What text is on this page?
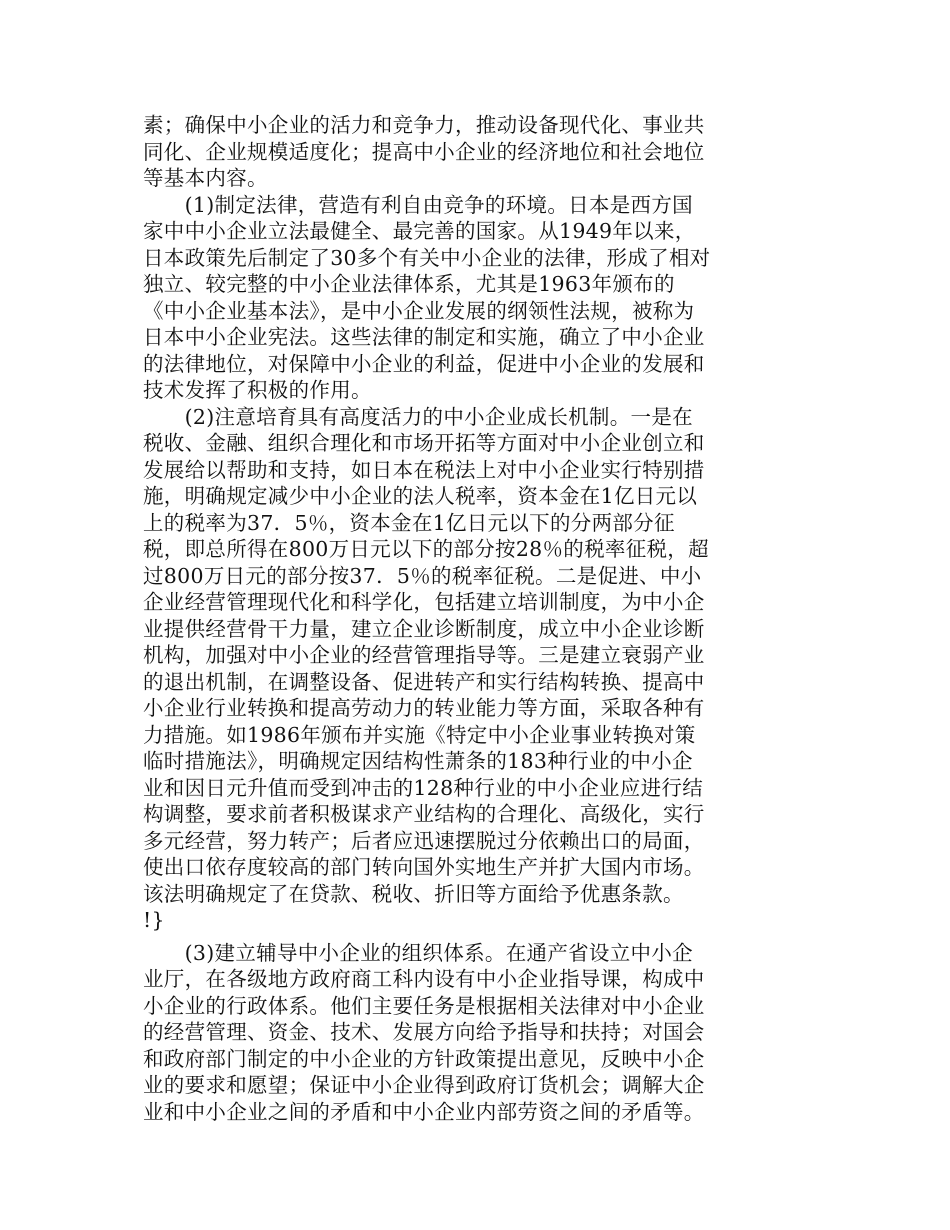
素；确保中小企业的活力和竞争力，推动设备现代化、事业共
同化、企业规模适度化；提高中小企业的经济地位和社会地位
等基本内容。
　　(1)制定法律，营造有利自由竞争的环境。日本是西方国
家中中小企业立法最健全、最完善的国家。从1949年以来，
日本政策先后制定了30多个有关中小企业的法律，形成了相对
独立、较完整的中小企业法律体系，尤其是1963年颁布的
《中小企业基本法》，是中小企业发展的纲领性法规，被称为
日本中小企业宪法。这些法律的制定和实施，确立了中小企业
的法律地位，对保障中小企业的利益，促进中小企业的发展和
技术发挥了积极的作用。
　　(2)注意培育具有高度活力的中小企业成长机制。一是在
税收、金融、组织合理化和市场开拓等方面对中小企业创立和
发展给以帮助和支持，如日本在税法上对中小企业实行特别措
施，明确规定减少中小企业的法人税率，资本金在1亿日元以
上的税率为37．5％，资本金在1亿日元以下的分两部分征
税，即总所得在800万日元以下的部分按28％的税率征税，超
过800万日元的部分按37．5％的税率征税。二是促进、中小
企业经营管理现代化和科学化，包括建立培训制度，为中小企
业提供经营骨干力量，建立企业诊断制度，成立中小企业诊断
机构，加强对中小企业的经营管理指导等。三是建立衰弱产业
的退出机制，在调整设备、促进转产和实行结构转换、提高中
小企业行业转换和提高劳动力的转业能力等方面，采取各种有
力措施。如1986年颁布并实施《特定中小企业事业转换对策
临时措施法》，明确规定因结构性萧条的183种行业的中小企
业和因日元升值而受到冲击的128种行业的中小企业应进行结
构调整，要求前者积极谋求产业结构的合理化、高级化，实行
多元经营，努力转产；后者应迅速摆脱过分依赖出口的局面，
使出口依存度较高的部门转向国外实地生产并扩大国内市场。
该法明确规定了在贷款、税收、折旧等方面给予优惠条款。
!}
　　(3)建立辅导中小企业的组织体系。在通产省设立中小企
业厅，在各级地方政府商工科内设有中小企业指导课，构成中
小企业的行政体系。他们主要任务是根据相关法律对中小企业
的经营管理、资金、技术、发展方向给予指导和扶持；对国会
和政府部门制定的中小企业的方针政策提出意见，反映中小企
业的要求和愿望；保证中小企业得到政府订货机会；调解大企
业和中小企业之间的矛盾和中小企业内部劳资之间的矛盾等。
